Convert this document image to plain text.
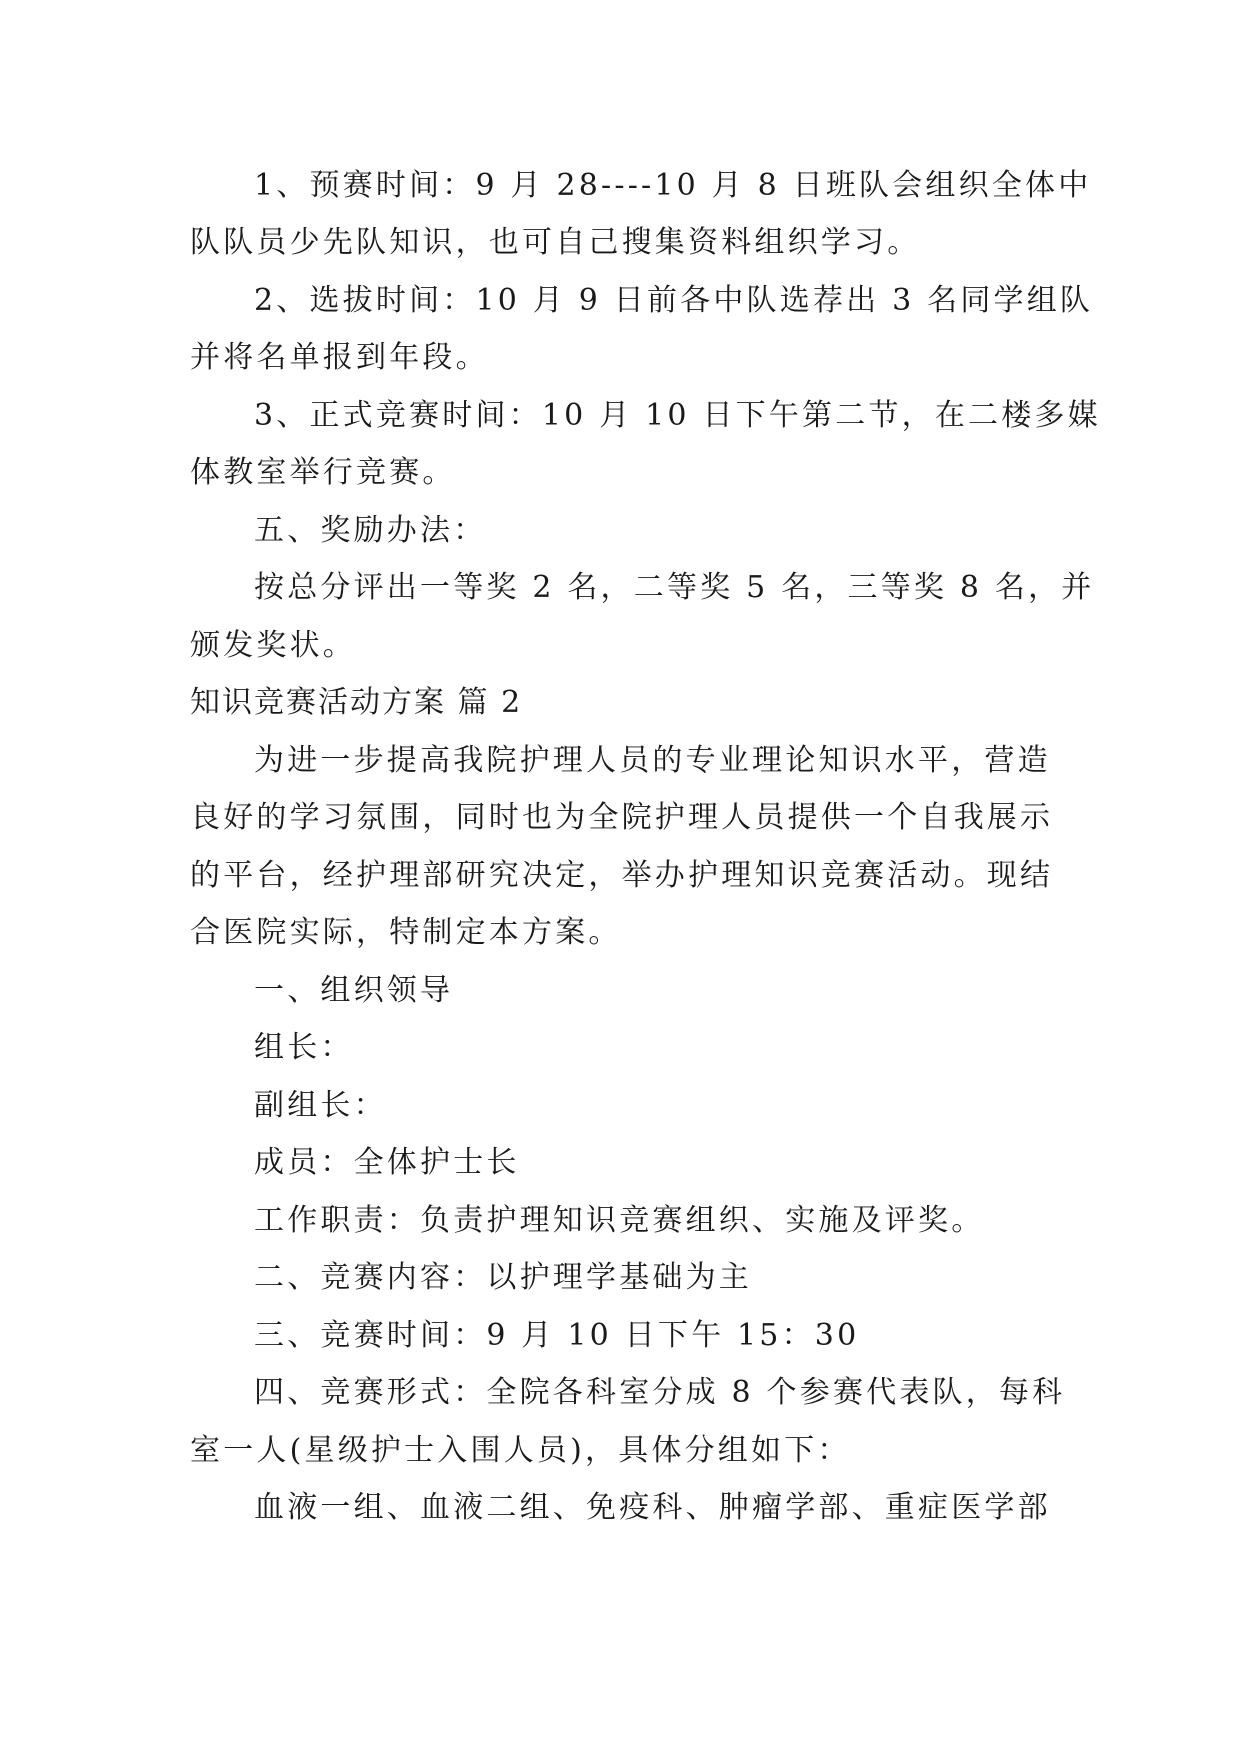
1、预赛时间：9 月 28----10 月 8 日班队会组织全体中

队队员少先队知识，也可自己搜集资料组织学习。

2、选拔时间：10 月 9 日前各中队选荐出 3 名同学组队

并将名单报到年段。

3、正式竞赛时间：10 月 10 日下午第二节，在二楼多媒

体教室举行竞赛。

五、奖励办法：

按总分评出一等奖 2 名，二等奖 5 名，三等奖 8 名，并

颁发奖状。

知识竞赛活动方案 篇 2

为进一步提高我院护理人员的专业理论知识水平，营造

良好的学习氛围，同时也为全院护理人员提供一个自我展示

的平台，经护理部研究决定，举办护理知识竞赛活动。现结

合医院实际，特制定本方案。

一、组织领导

组长：

副组长：

成员：全体护士长

工作职责：负责护理知识竞赛组织、实施及评奖。

二、竞赛内容：以护理学基础为主

三、竞赛时间：9 月 10 日下午 15：30

四、竞赛形式：全院各科室分成 8 个参赛代表队，每科

室一人(星级护士入围人员)，具体分组如下：

血液一组、血液二组、免疫科、肿瘤学部、重症医学部
